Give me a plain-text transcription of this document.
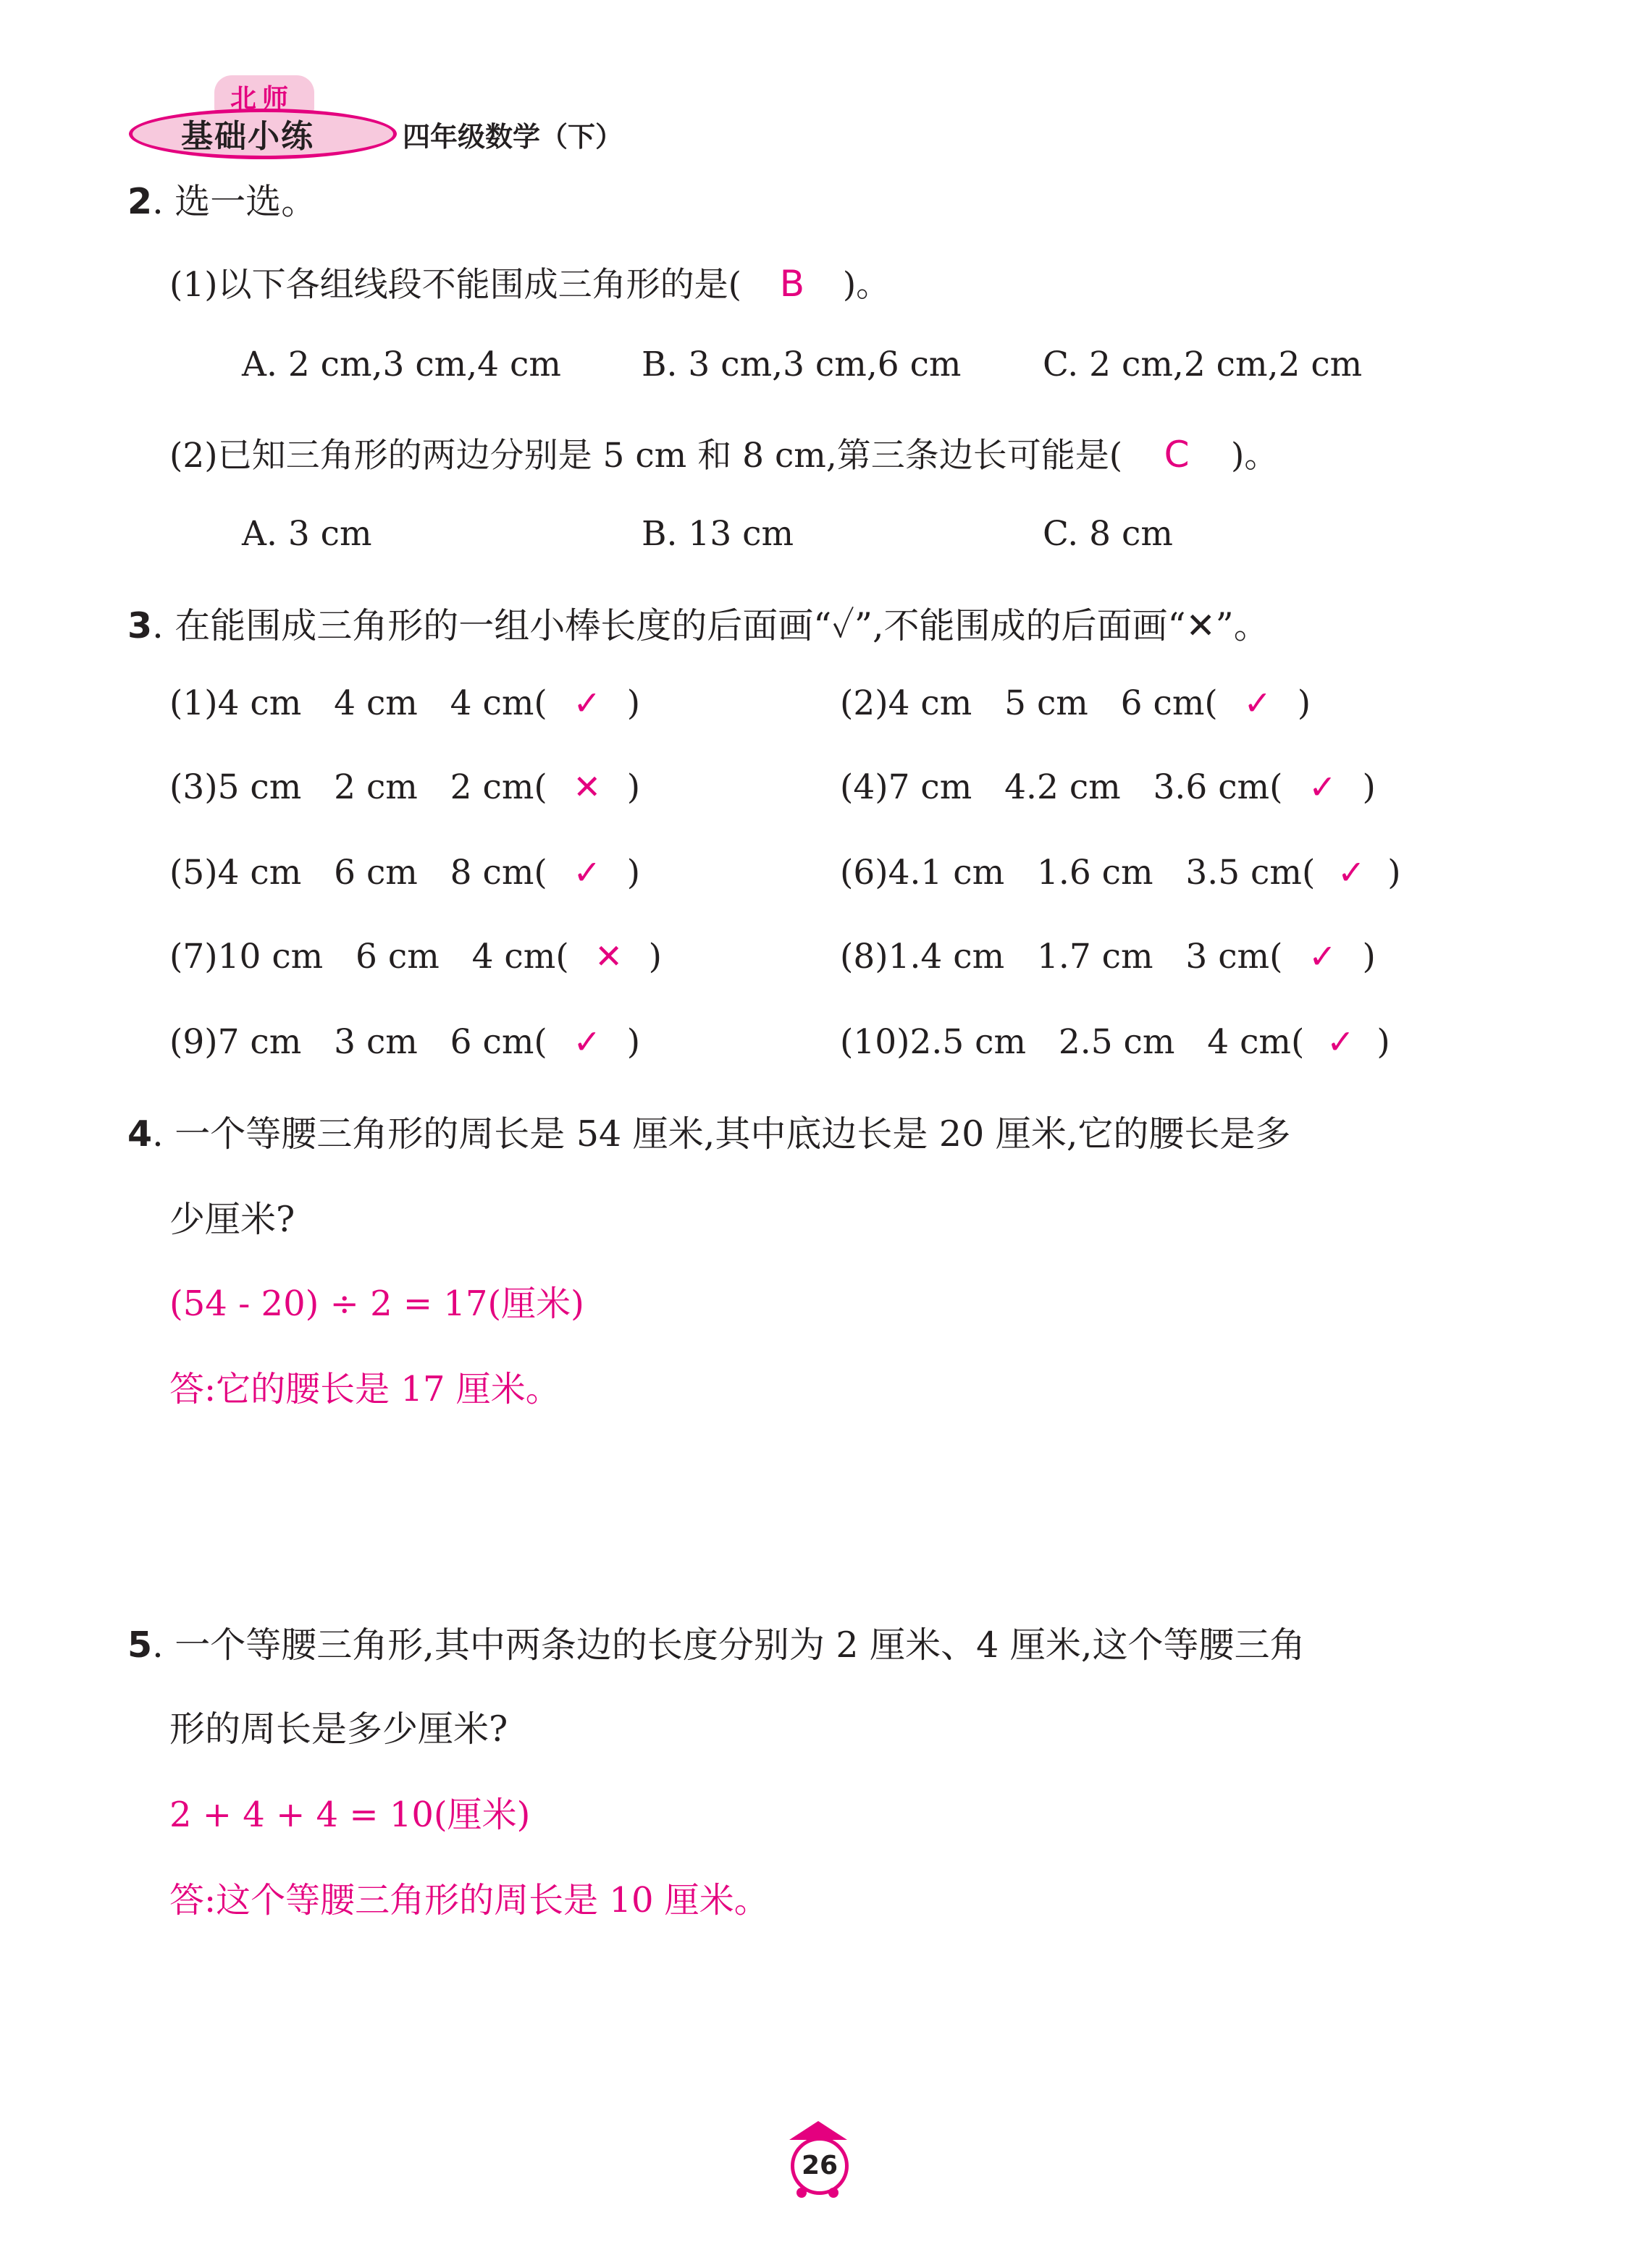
北师
基础小练	四年级数学（下）
2. 选一选。
(1)以下各组线段不能围成三角形的是( B )。
A. 2 cm,3 cm,4 cm B. 3 cm,3 cm,6 cm C. 2 cm,2 cm,2 cm
(2)已知三角形的两边分别是 5 cm 和 8 cm,第三条边长可能是( C )。
A. 3 cm	B. 13 cm	C. 8 cm
3. 在能围成三角形的一组小棒长度的后面画“✓”,不能围成的后面画“✕”。
(1)4 cm   4 cm   4 cm( ✓ )	(2)4 cm   5 cm   6 cm( ✓ )
(3)5 cm   2 cm   2 cm( ✕ )	(4)7 cm   4.2 cm   3.6 cm( ✓ )
(5)4 cm   6 cm   8 cm( ✓ )	(6)4.1 cm   1.6 cm   3.5 cm( ✓ )
(7)10 cm   6 cm   4 cm( ✕ )	(8)1.4 cm   1.7 cm   3 cm( ✓ )
(9)7 cm   3 cm   6 cm( ✓ )	(10)2.5 cm   2.5 cm   4 cm( ✓ )
4. 一个等腰三角形的周长是 54 厘米,其中底边长是 20 厘米,它的腰长是多
少厘米?
(54 - 20) ÷ 2 = 17(厘米)
答:它的腰长是 17 厘米。
5. 一个等腰三角形,其中两条边的长度分别为 2 厘米、4 厘米,这个等腰三角
形的周长是多少厘米?
2 + 4 + 4 = 10(厘米)
答:这个等腰三角形的周长是 10 厘米。
26
